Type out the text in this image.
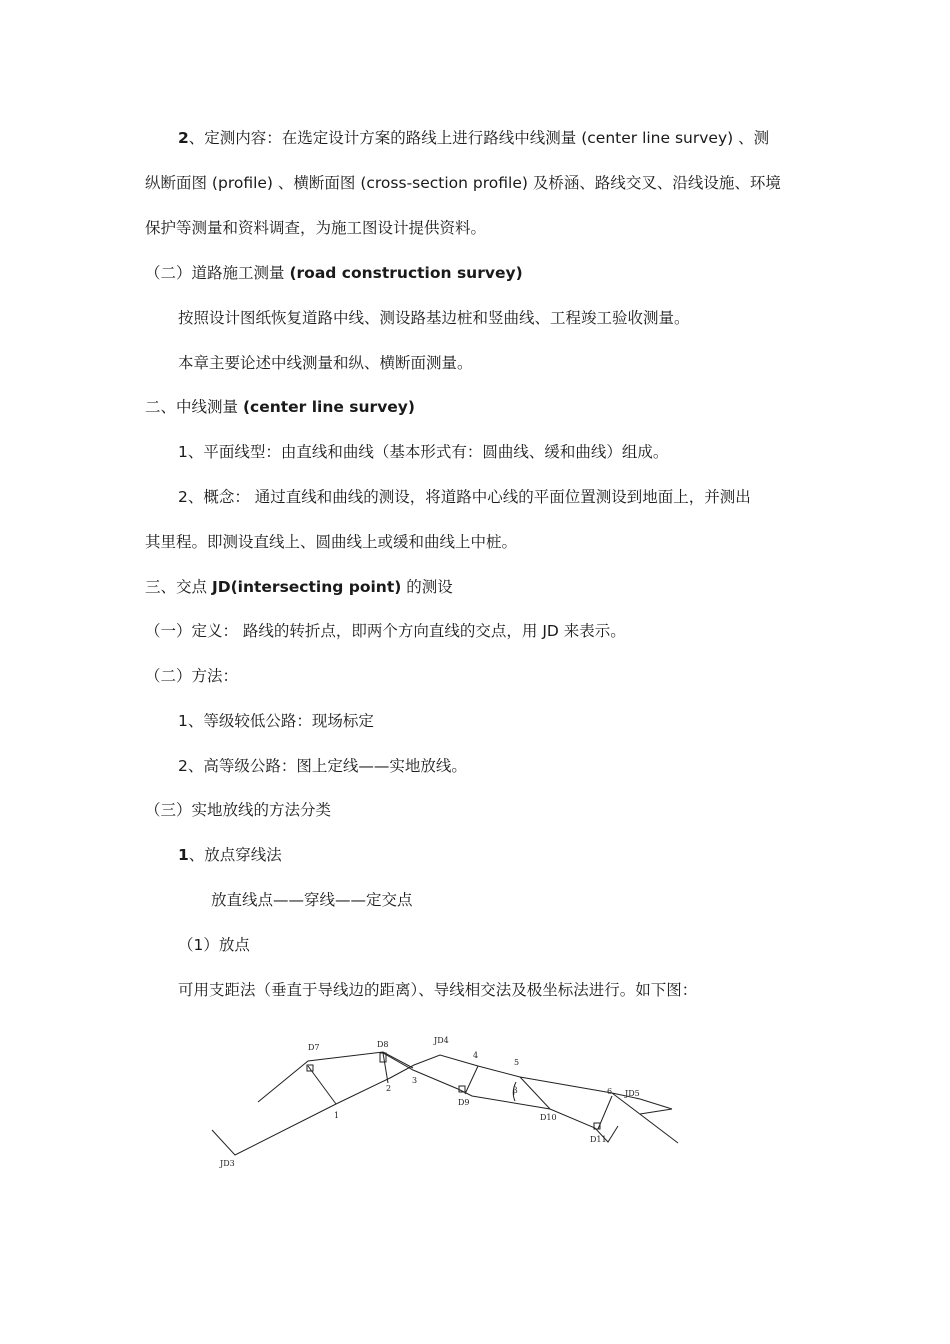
2、定测内容：在选定设计方案的路线上进行路线中线测量 (center line survey) 、测
纵断面图 (profile) 、横断面图 (cross-section profile) 及桥涵、路线交叉、沿线设施、环境
保护等测量和资料调查，为施工图设计提供资料。
（二）道路施工测量 (road construction survey)
按照设计图纸恢复道路中线、测设路基边桩和竖曲线、工程竣工验收测量。
本章主要论述中线测量和纵、横断面测量。
二、中线测量 (center line survey)
1、平面线型：由直线和曲线（基本形式有：圆曲线、缓和曲线）组成。
2、概念： 通过直线和曲线的测设，将道路中心线的平面位置测设到地面上，并测出
其里程。即测设直线上、圆曲线上或缓和曲线上中桩。
三、交点 JD(intersecting point) 的测设
（一）定义： 路线的转折点，即两个方向直线的交点，用 JD 来表示。
（二）方法：
1、等级较低公路：现场标定
2、高等级公路：图上定线——实地放线。
（三）实地放线的方法分类
1、放点穿线法
放直线点——穿线——定交点
（1）放点
可用支距法（垂直于导线边的距离）、导线相交法及极坐标法进行。如下图：
D7	D8	JD4
4
5
2
3
1
β
D9
D10
6 JD5
D11
JD3
